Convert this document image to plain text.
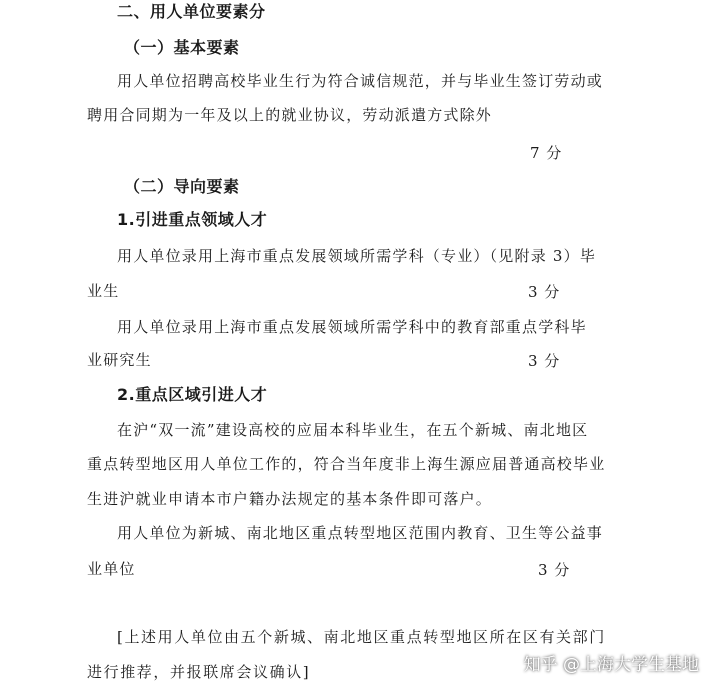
二、用人单位要素分
（一）基本要素
用人单位招聘高校毕业生行为符合诚信规范，并与毕业生签订劳动或
聘用合同期为一年及以上的就业协议，劳动派遣方式除外
7 分
（二）导向要素
1.引进重点领域人才
用人单位录用上海市重点发展领域所需学科（专业）（见附录 3）毕
业生	3 分
用人单位录用上海市重点发展领域所需学科中的教育部重点学科毕
业研究生	3 分
2.重点区域引进人才
在沪“双一流”建设高校的应届本科毕业生，在五个新城、南北地区
重点转型地区用人单位工作的，符合当年度非上海生源应届普通高校毕业
生进沪就业申请本市户籍办法规定的基本条件即可落户。
用人单位为新城、南北地区重点转型地区范围内教育、卫生等公益事
业单位	3 分
[上述用人单位由五个新城、南北地区重点转型地区所在区有关部门
进行推荐，并报联席会议确认]	知乎 @上海大学生基地
